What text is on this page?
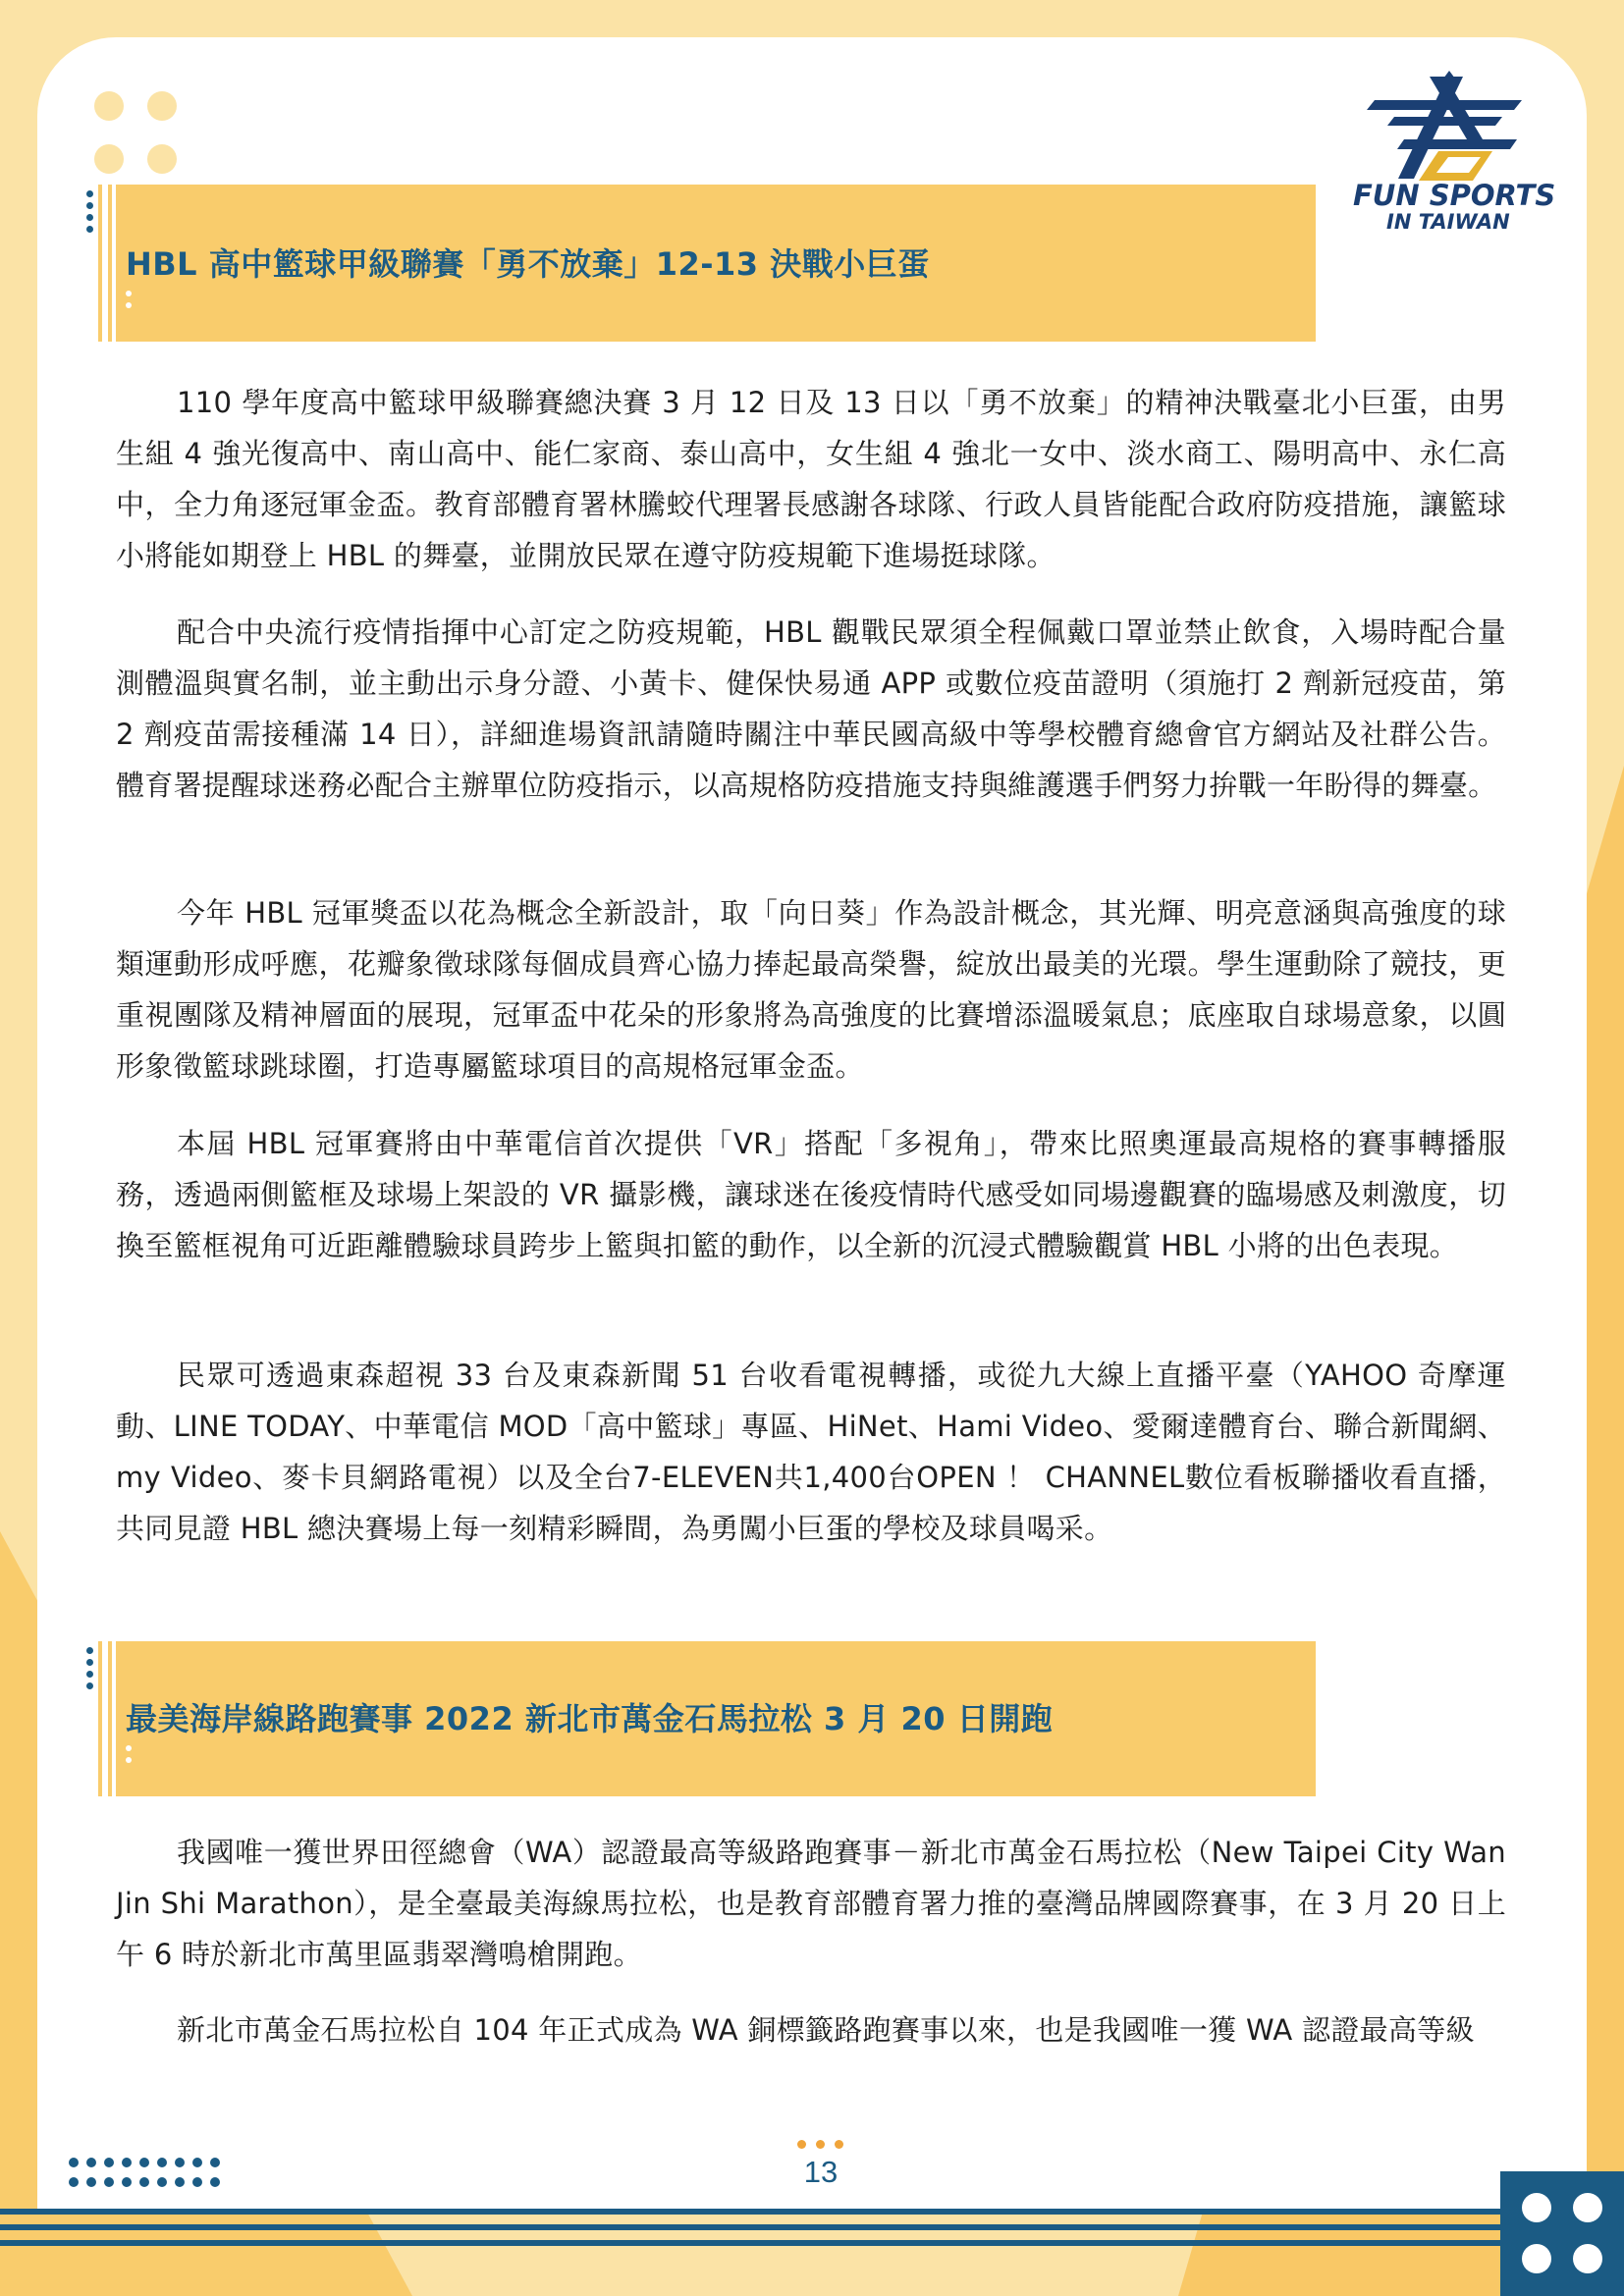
FUN SPORTS
IN TAIWAN
HBL 高中籃球甲級聯賽「勇不放棄」12-13 決戰小巨蛋

110 學年度高中籃球甲級聯賽總決賽 3 月 12 日及 13 日以「勇不放棄」的精神決戰臺北小巨蛋，由男生組 4 強光復高中、南山高中、能仁家商、泰山高中，女生組 4 強北一女中、淡水商工、陽明高中、永仁高中，全力角逐冠軍金盃。教育部體育署林騰蛟代理署長感謝各球隊、行政人員皆能配合政府防疫措施，讓籃球小將能如期登上 HBL 的舞臺，並開放民眾在遵守防疫規範下進場挺球隊。

配合中央流行疫情指揮中心訂定之防疫規範，HBL 觀戰民眾須全程佩戴口罩並禁止飲食，入場時配合量測體溫與實名制，並主動出示身分證、小黃卡、健保快易通 APP 或數位疫苗證明（須施打 2 劑新冠疫苗，第 2 劑疫苗需接種滿 14 日），詳細進場資訊請隨時關注中華民國高級中等學校體育總會官方網站及社群公告。體育署提醒球迷務必配合主辦單位防疫指示，以高規格防疫措施支持與維護選手們努力拚戰一年盼得的舞臺。

今年 HBL 冠軍獎盃以花為概念全新設計，取「向日葵」作為設計概念，其光輝、明亮意涵與高強度的球類運動形成呼應，花瓣象徵球隊每個成員齊心協力捧起最高榮譽，綻放出最美的光環。學生運動除了競技，更重視團隊及精神層面的展現，冠軍盃中花朵的形象將為高強度的比賽增添溫暖氣息；底座取自球場意象，以圓形象徵籃球跳球圈，打造專屬籃球項目的高規格冠軍金盃。

本屆 HBL 冠軍賽將由中華電信首次提供「VR」搭配「多視角」，帶來比照奧運最高規格的賽事轉播服務，透過兩側籃框及球場上架設的 VR 攝影機，讓球迷在後疫情時代感受如同場邊觀賽的臨場感及刺激度，切換至籃框視角可近距離體驗球員跨步上籃與扣籃的動作，以全新的沉浸式體驗觀賞 HBL 小將的出色表現。

民眾可透過東森超視 33 台及東森新聞 51 台收看電視轉播，或從九大線上直播平臺（YAHOO 奇摩運動、LINE TODAY、中華電信 MOD「高中籃球」專區、HiNet、Hami Video、愛爾達體育台、聯合新聞網、my Video、麥卡貝網路電視）以及全台7-ELEVEN共1,400台OPEN ！ CHANNEL數位看板聯播收看直播，共同見證 HBL 總決賽場上每一刻精彩瞬間，為勇闖小巨蛋的學校及球員喝采。

最美海岸線路跑賽事 2022 新北市萬金石馬拉松 3 月 20 日開跑

我國唯一獲世界田徑總會（WA）認證最高等級路跑賽事－新北市萬金石馬拉松（New Taipei City Wan Jin Shi Marathon），是全臺最美海線馬拉松，也是教育部體育署力推的臺灣品牌國際賽事，在 3 月 20 日上午 6 時於新北市萬里區翡翠灣鳴槍開跑。

新北市萬金石馬拉松自 104 年正式成為 WA 銅標籤路跑賽事以來，也是我國唯一獲 WA 認證最高等級

13
